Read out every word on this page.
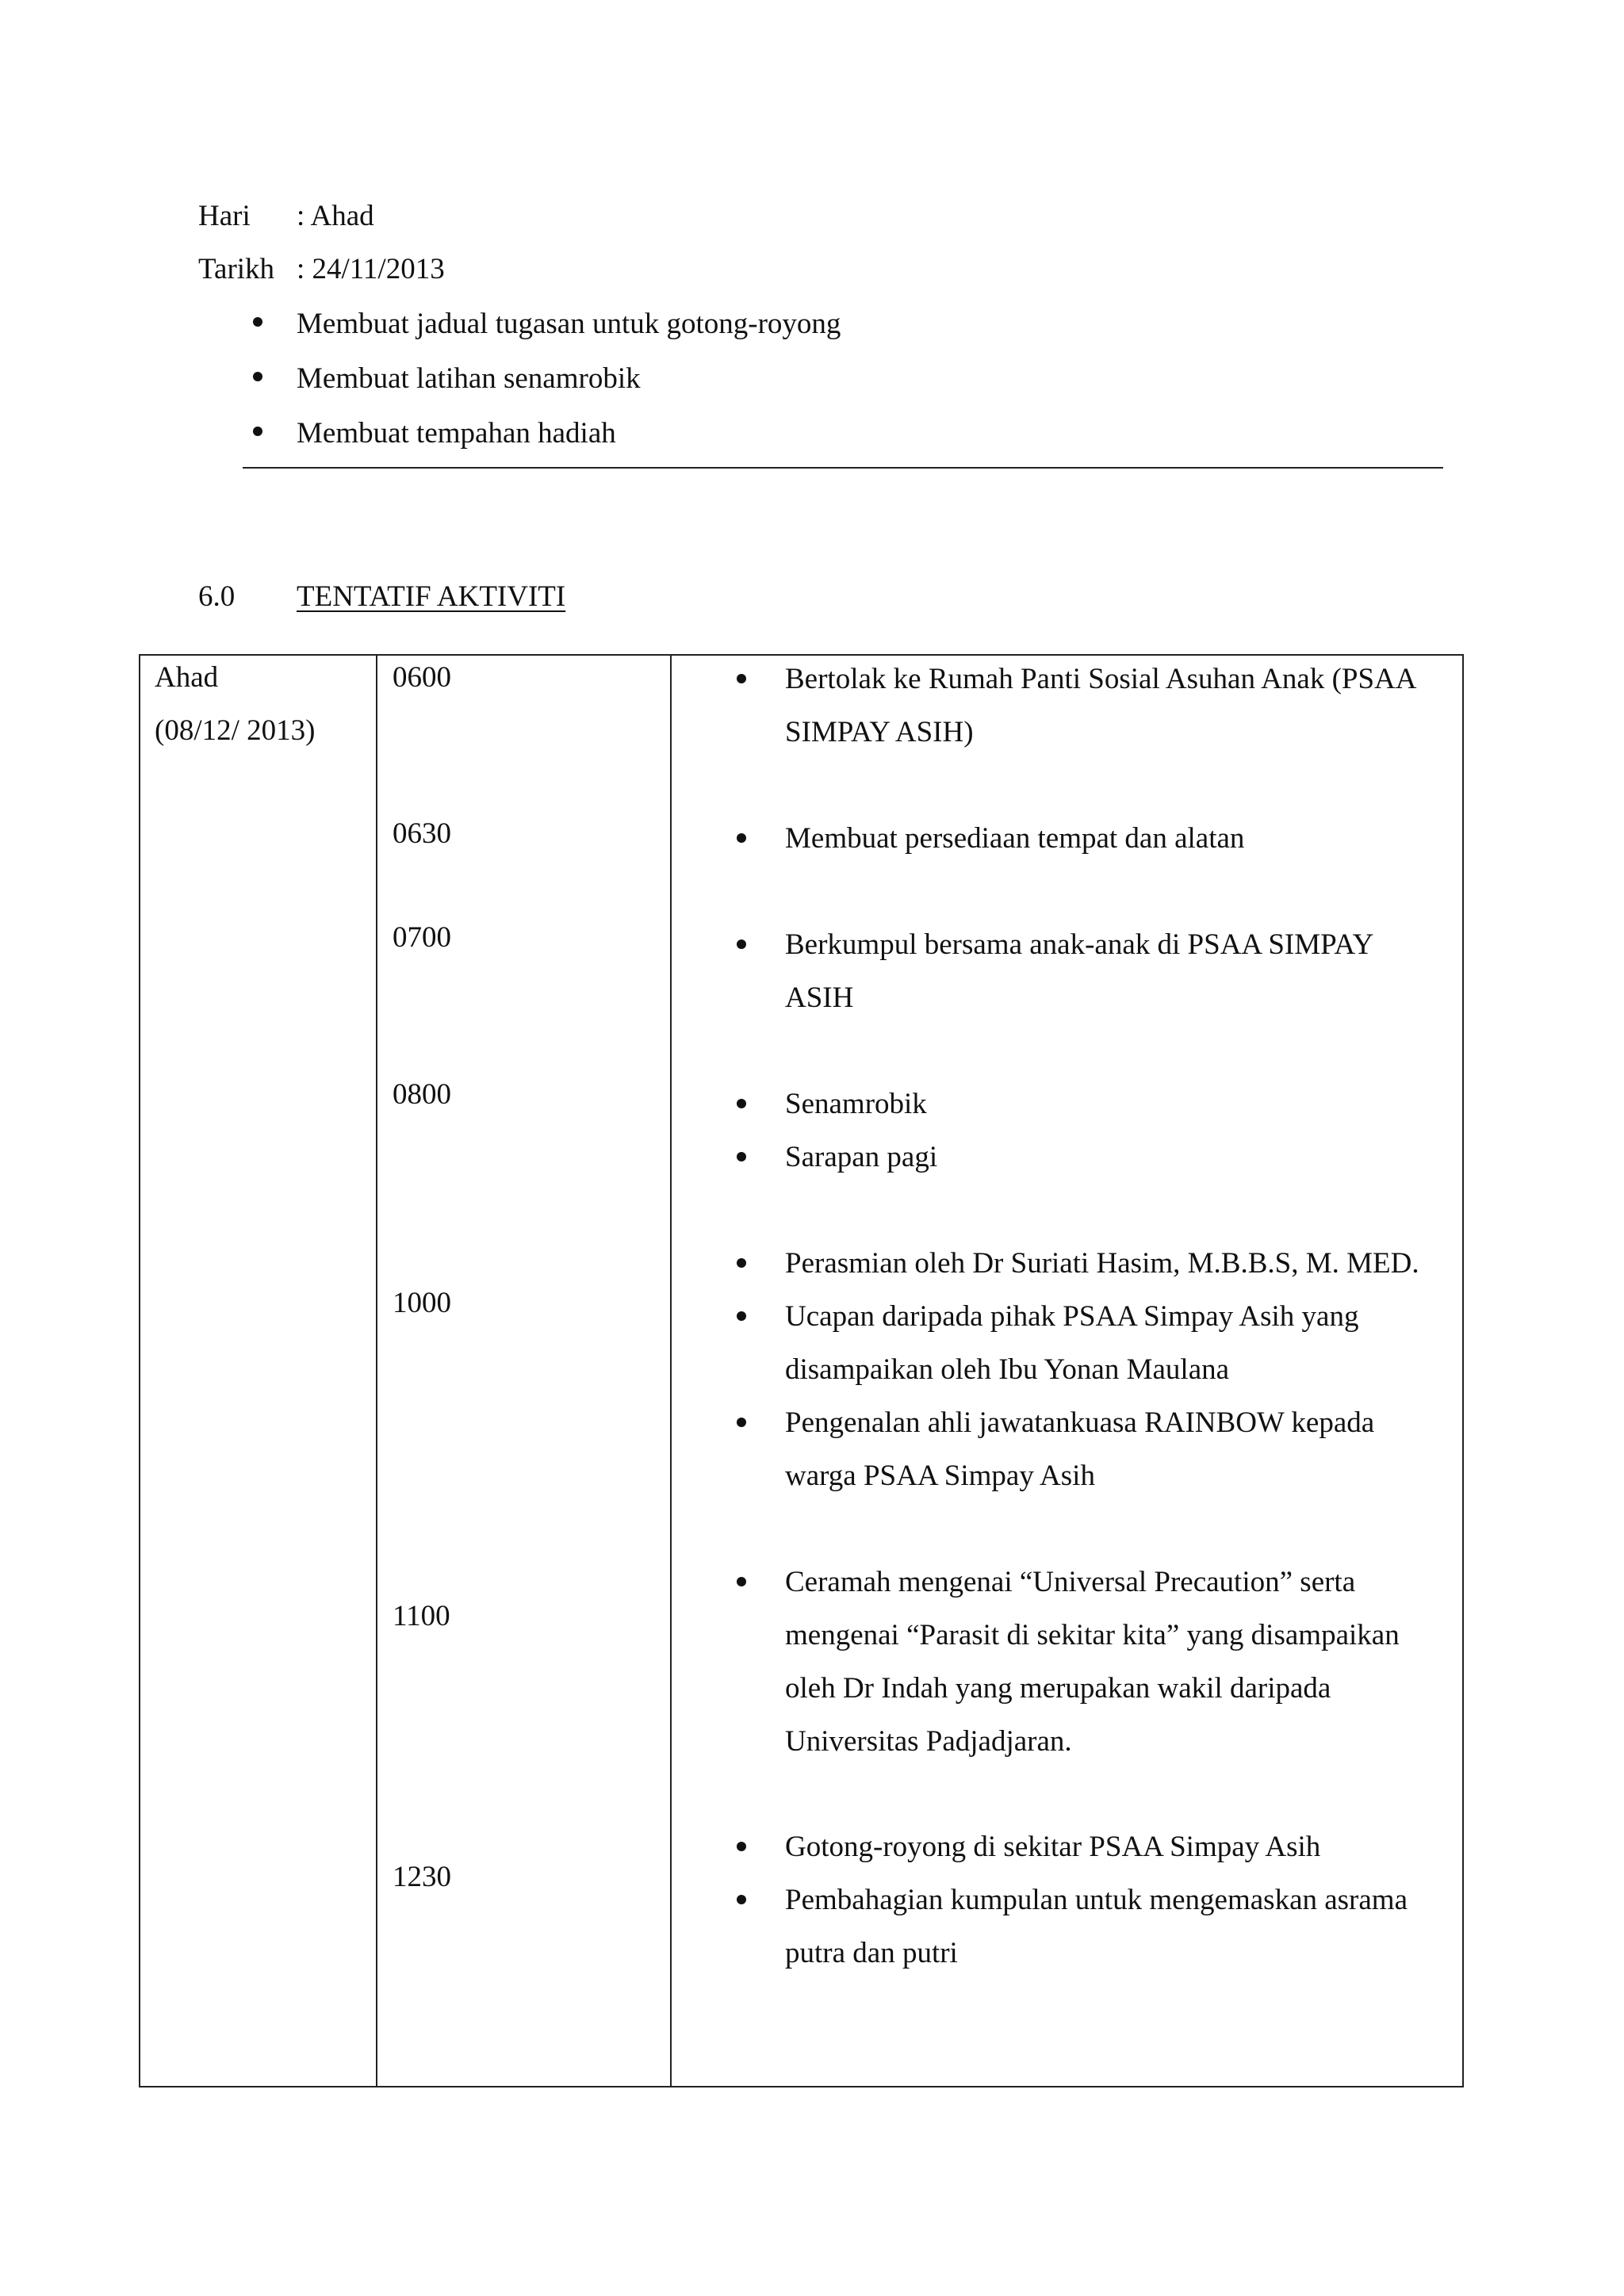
Hari : Ahad
Tarikh : 24/11/2013
Membuat jadual tugasan untuk gotong-royong
Membuat latihan senamrobik
Membuat tempahan hadiah
6.0 TENTATIF AKTIVITI
Ahad
(08/12/ 2013)
0600
0630
0700
0800
1000
1100
1230
Bertolak ke Rumah Panti Sosial Asuhan Anak (PSAA
SIMPAY ASIH)
Membuat persediaan tempat dan alatan
Berkumpul bersama anak-anak di PSAA SIMPAY
ASIH
Senamrobik
Sarapan pagi
Perasmian oleh Dr Suriati Hasim, M.B.B.S, M. MED.
Ucapan daripada pihak PSAA Simpay Asih yang
disampaikan oleh Ibu Yonan Maulana
Pengenalan ahli jawatankuasa RAINBOW kepada
warga PSAA Simpay Asih
Ceramah mengenai “Universal Precaution” serta
mengenai “Parasit di sekitar kita” yang disampaikan
oleh Dr Indah yang merupakan wakil daripada
Universitas Padjadjaran.
Gotong-royong di sekitar PSAA Simpay Asih
Pembahagian kumpulan untuk mengemaskan asrama
putra dan putri
